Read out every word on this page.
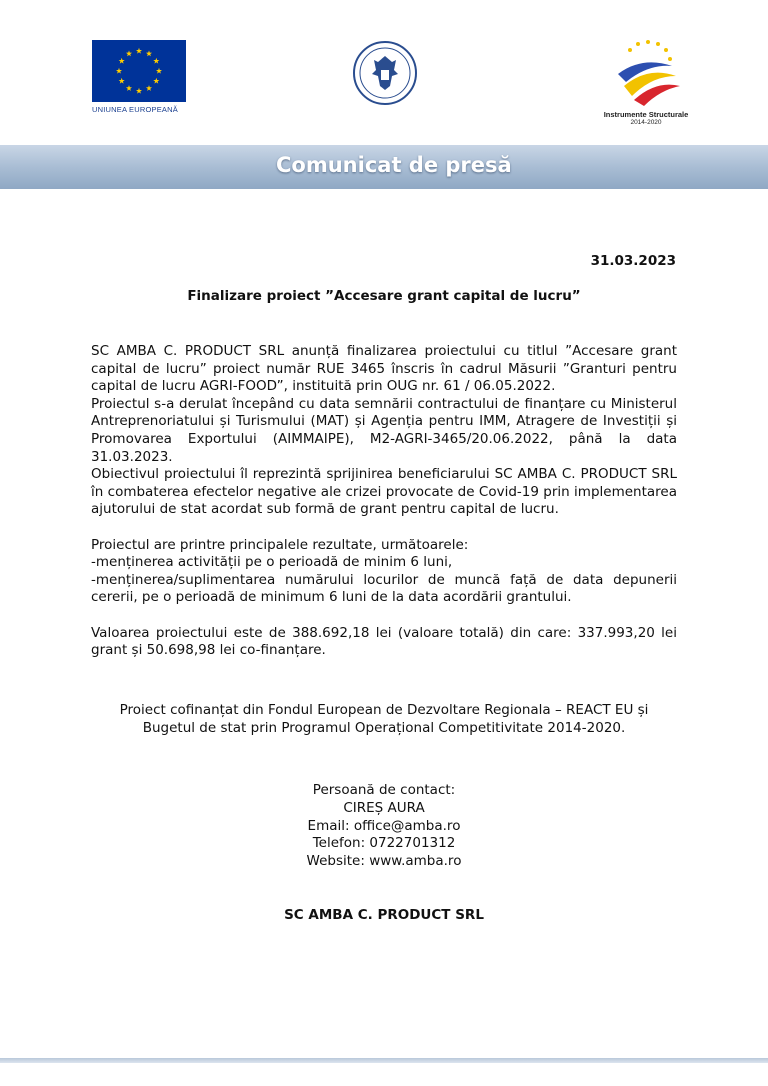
UNIUNEA EUROPEANĂ
Instrumente Structurale
2014-2020
Comunicat de presă
31.03.2023
Finalizare proiect ”Accesare grant capital de lucru”

SC AMBA C. PRODUCT SRL anunță finalizarea proiectului cu titlul ”Accesare grant capital de lucru” proiect număr RUE 3465 înscris în cadrul Măsurii ”Granturi pentru capital de lucru AGRI-FOOD”, instituită prin OUG nr. 61 / 06.05.2022.

Proiectul s-a derulat începând cu data semnării contractului de finanțare cu Ministerul Antreprenoriatului și Turismului (MAT) și Agenția pentru IMM, Atragere de Investiții și Promovarea Exportului (AIMMAIPE), M2-AGRI-3465/20.06.2022, până la data 31.03.2023.

Obiectivul proiectului îl reprezintă sprijinirea beneficiarului SC AMBA C. PRODUCT SRL în combaterea efectelor negative ale crizei provocate de Covid-19 prin implementarea ajutorului de stat acordat sub formă de grant pentru capital de lucru.

Proiectul are printre principalele rezultate, următoarele:

-menținerea activității pe o perioadă de minim 6 luni,

-menținerea/suplimentarea numărului locurilor de muncă față de data depunerii cererii, pe o perioadă de minimum 6 luni de la data acordării grantului.

Valoarea proiectului este de 388.692,18 lei (valoare totală) din care: 337.993,20 lei grant și 50.698,98 lei co-finanțare.

Proiect cofinanțat din Fondul European de Dezvoltare Regionala – REACT EU și
Bugetul de stat prin Programul Operațional Competitivitate 2014-2020.
Persoană de contact:
CIREȘ AURA
Email: office@amba.ro
Telefon: 0722701312
Website: www.amba.ro
SC AMBA C. PRODUCT SRL
